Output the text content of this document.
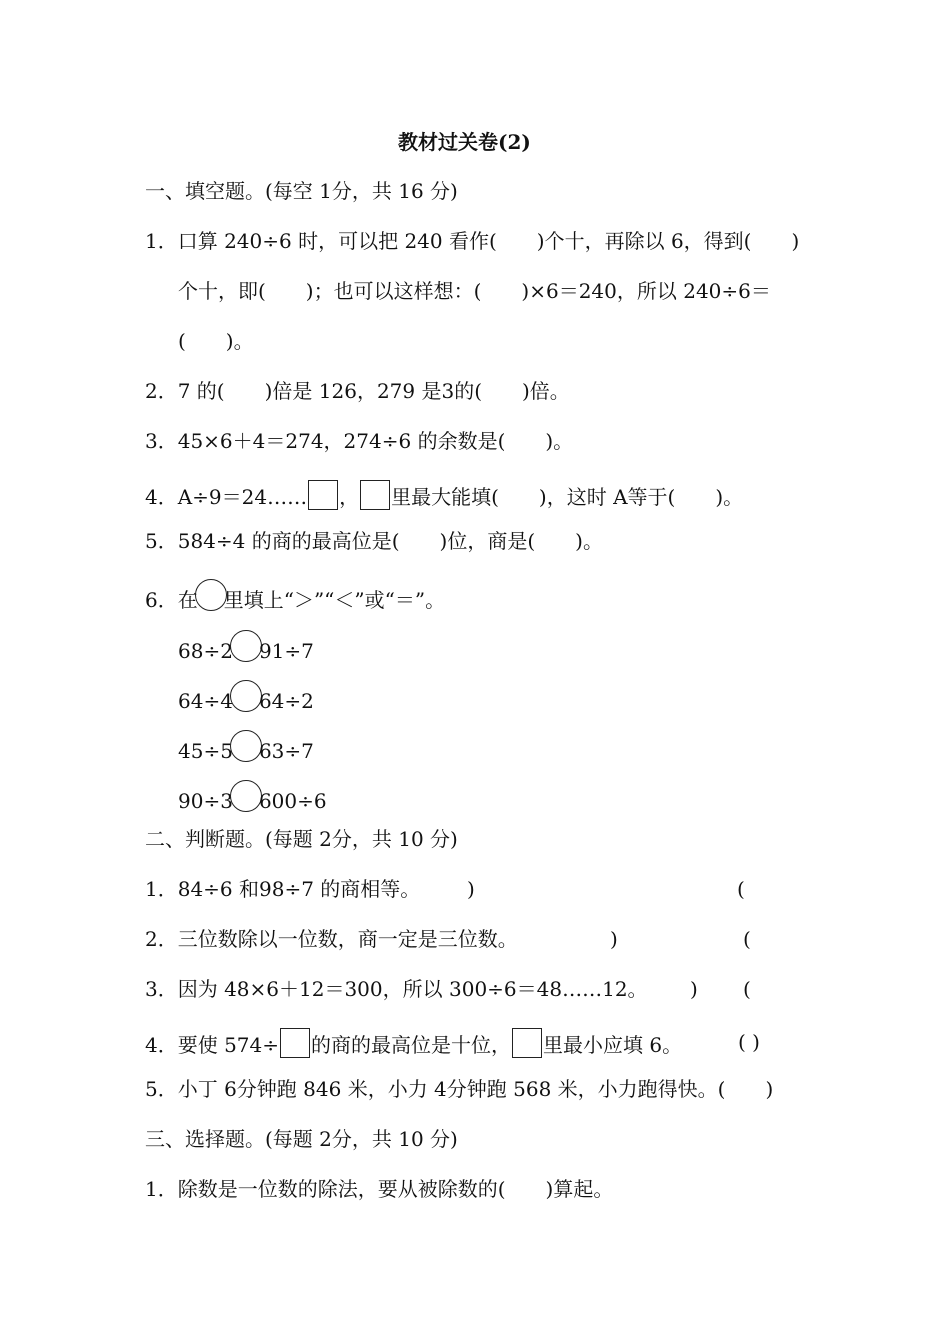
教材过关卷(2)
一、填空题。(每空 1分，共 16 分)
1．口算 240÷6 时，可以把 240 看作(　　)个十，再除以 6，得到(　　)
个十，即(　　)；也可以这样想：(　　)×6＝240，所以 240÷6＝
(　　)。
2．7 的(　　)倍是 126，279 是3的(　　)倍。
3．45×6＋4＝274，274÷6 的余数是(　　)。
4．A÷9＝24…… ， 里最大能填(　　)，这时 A等于(　　)。
5．584÷4 的商的最高位是(　　)位，商是(　　)。
6．在 里填上“＞”“＜”或“＝”。
68÷2 91÷7
64÷4 64÷2
45÷5 63÷7
90÷3 600÷6
二、判断题。(每题 2分，共 10 分)
1．84÷6 和98÷7 的商相等。 )	(
2．三位数除以一位数，商一定是三位数。	)	(
3．因为 48×6＋12＝300，所以 300÷6＝48……12。 ) (
4．要使 574÷ 的商的最高位是十位， 里最小应填 6。	( )
5．小丁 6分钟跑 846 米，小力 4分钟跑 568 米，小力跑得快。(　　)
三、选择题。(每题 2分，共 10 分)
1．除数是一位数的除法，要从被除数的(　　)算起。
